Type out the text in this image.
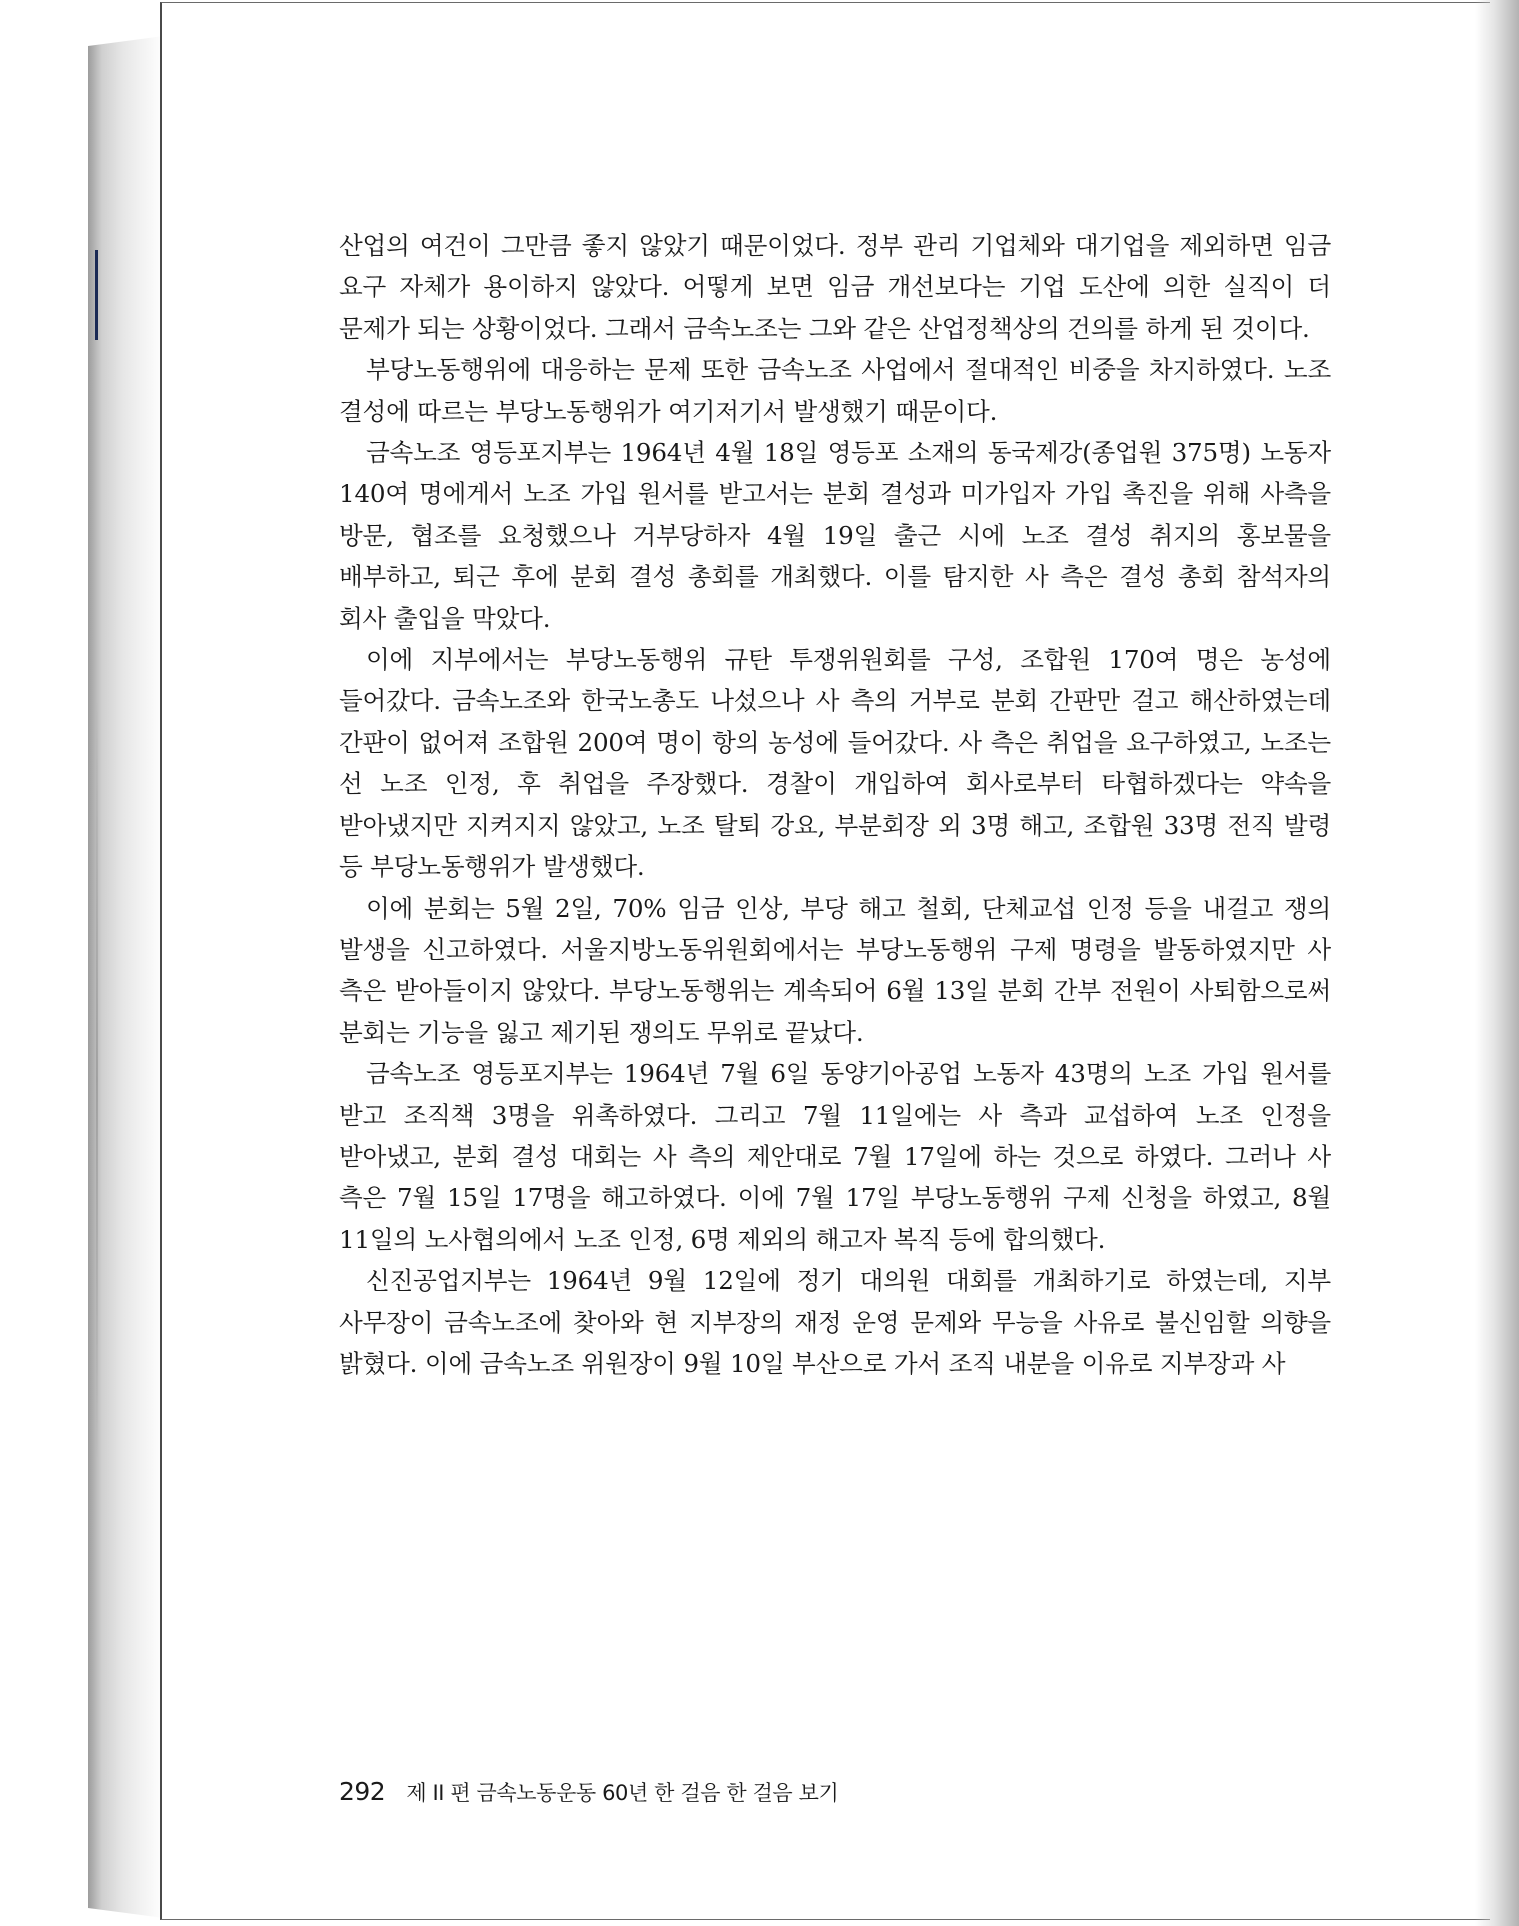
산업의 여건이 그만큼 좋지 않았기 때문이었다. 정부 관리 기업체와 대기업을 제외하면 임금 요구 자체가 용이하지 않았다. 어떻게 보면 임금 개선보다는 기업 도산에 의한 실직이 더 문제가 되는 상황이었다. 그래서 금속노조는 그와 같은 산업정책상의 건의를 하게 된 것이다.

부당노동행위에 대응하는 문제 또한 금속노조 사업에서 절대적인 비중을 차지하였다. 노조 결성에 따르는 부당노동행위가 여기저기서 발생했기 때문이다.

금속노조 영등포지부는 1964년 4월 18일 영등포 소재의 동국제강(종업원 375명) 노동자 140여 명에게서 노조 가입 원서를 받고서는 분회 결성과 미가입자 가입 촉진을 위해 사측을 방문, 협조를 요청했으나 거부당하자 4월 19일 출근 시에 노조 결성 취지의 홍보물을 배부하고, 퇴근 후에 분회 결성 총회를 개최했다. 이를 탐지한 사 측은 결성 총회 참석자의 회사 출입을 막았다.

이에 지부에서는 부당노동행위 규탄 투쟁위원회를 구성, 조합원 170여 명은 농성에 들어갔다. 금속노조와 한국노총도 나섰으나 사 측의 거부로 분회 간판만 걸고 해산하였는데 간판이 없어져 조합원 200여 명이 항의 농성에 들어갔다. 사 측은 취업을 요구하였고, 노조는 선 노조 인정, 후 취업을 주장했다. 경찰이 개입하여 회사로부터 타협하겠다는 약속을 받아냈지만 지켜지지 않았고, 노조 탈퇴 강요, 부분회장 외 3명 해고, 조합원 33명 전직 발령 등 부당노동행위가 발생했다.

이에 분회는 5월 2일, 70% 임금 인상, 부당 해고 철회, 단체교섭 인정 등을 내걸고 쟁의 발생을 신고하였다. 서울지방노동위원회에서는 부당노동행위 구제 명령을 발동하였지만 사 측은 받아들이지 않았다. 부당노동행위는 계속되어 6월 13일 분회 간부 전원이 사퇴함으로써 분회는 기능을 잃고 제기된 쟁의도 무위로 끝났다.

금속노조 영등포지부는 1964년 7월 6일 동양기아공업 노동자 43명의 노조 가입 원서를 받고 조직책 3명을 위촉하였다. 그리고 7월 11일에는 사 측과 교섭하여 노조 인정을 받아냈고, 분회 결성 대회는 사 측의 제안대로 7월 17일에 하는 것으로 하였다. 그러나 사 측은 7월 15일 17명을 해고하였다. 이에 7월 17일 부당노동행위 구제 신청을 하였고, 8월 11일의 노사협의에서 노조 인정, 6명 제외의 해고자 복직 등에 합의했다.

신진공업지부는 1964년 9월 12일에 정기 대의원 대회를 개최하기로 하였는데, 지부 사무장이 금속노조에 찾아와 현 지부장의 재정 운영 문제와 무능을 사유로 불신임할 의향을 밝혔다. 이에 금속노조 위원장이 9월 10일 부산으로 가서 조직 내분을 이유로 지부장과 사

292 제 II 편 금속노동운동 60년 한 걸음 한 걸음 보기
